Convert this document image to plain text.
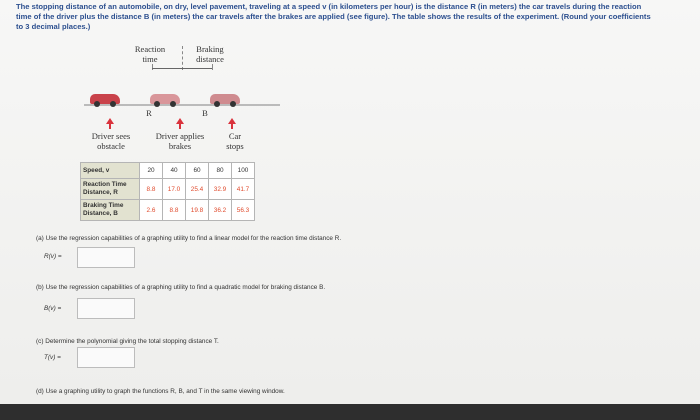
The stopping distance of an automobile, on dry, level pavement, traveling at a speed v (in kilometers per hour) is the distance R (in meters) the car travels during the reaction time of the driver plus the distance B (in meters) the car travels after the brakes are applied (see figure). The table shows the results of the experiment. (Round your coefficients to 3 decimal places.)
Reaction
time
Braking
distance
R	B
Driver sees
obstacle
Driver applies
brakes
Car
stops
Speed, v	20	40	60	80	100
Reaction Time Distance, R	8.8	17.0	25.4	32.9	41.7
Braking Time Distance, B	2.6	8.8	19.8	36.2	56.3
(a) Use the regression capabilities of a graphing utility to find a linear model for the reaction time distance R.
R(v) =
(b) Use the regression capabilities of a graphing utility to find a quadratic model for braking distance B.
B(v) =
(c) Determine the polynomial giving the total stopping distance T.
T(v) =
(d) Use a graphing utility to graph the functions R, B, and T in the same viewing window.
